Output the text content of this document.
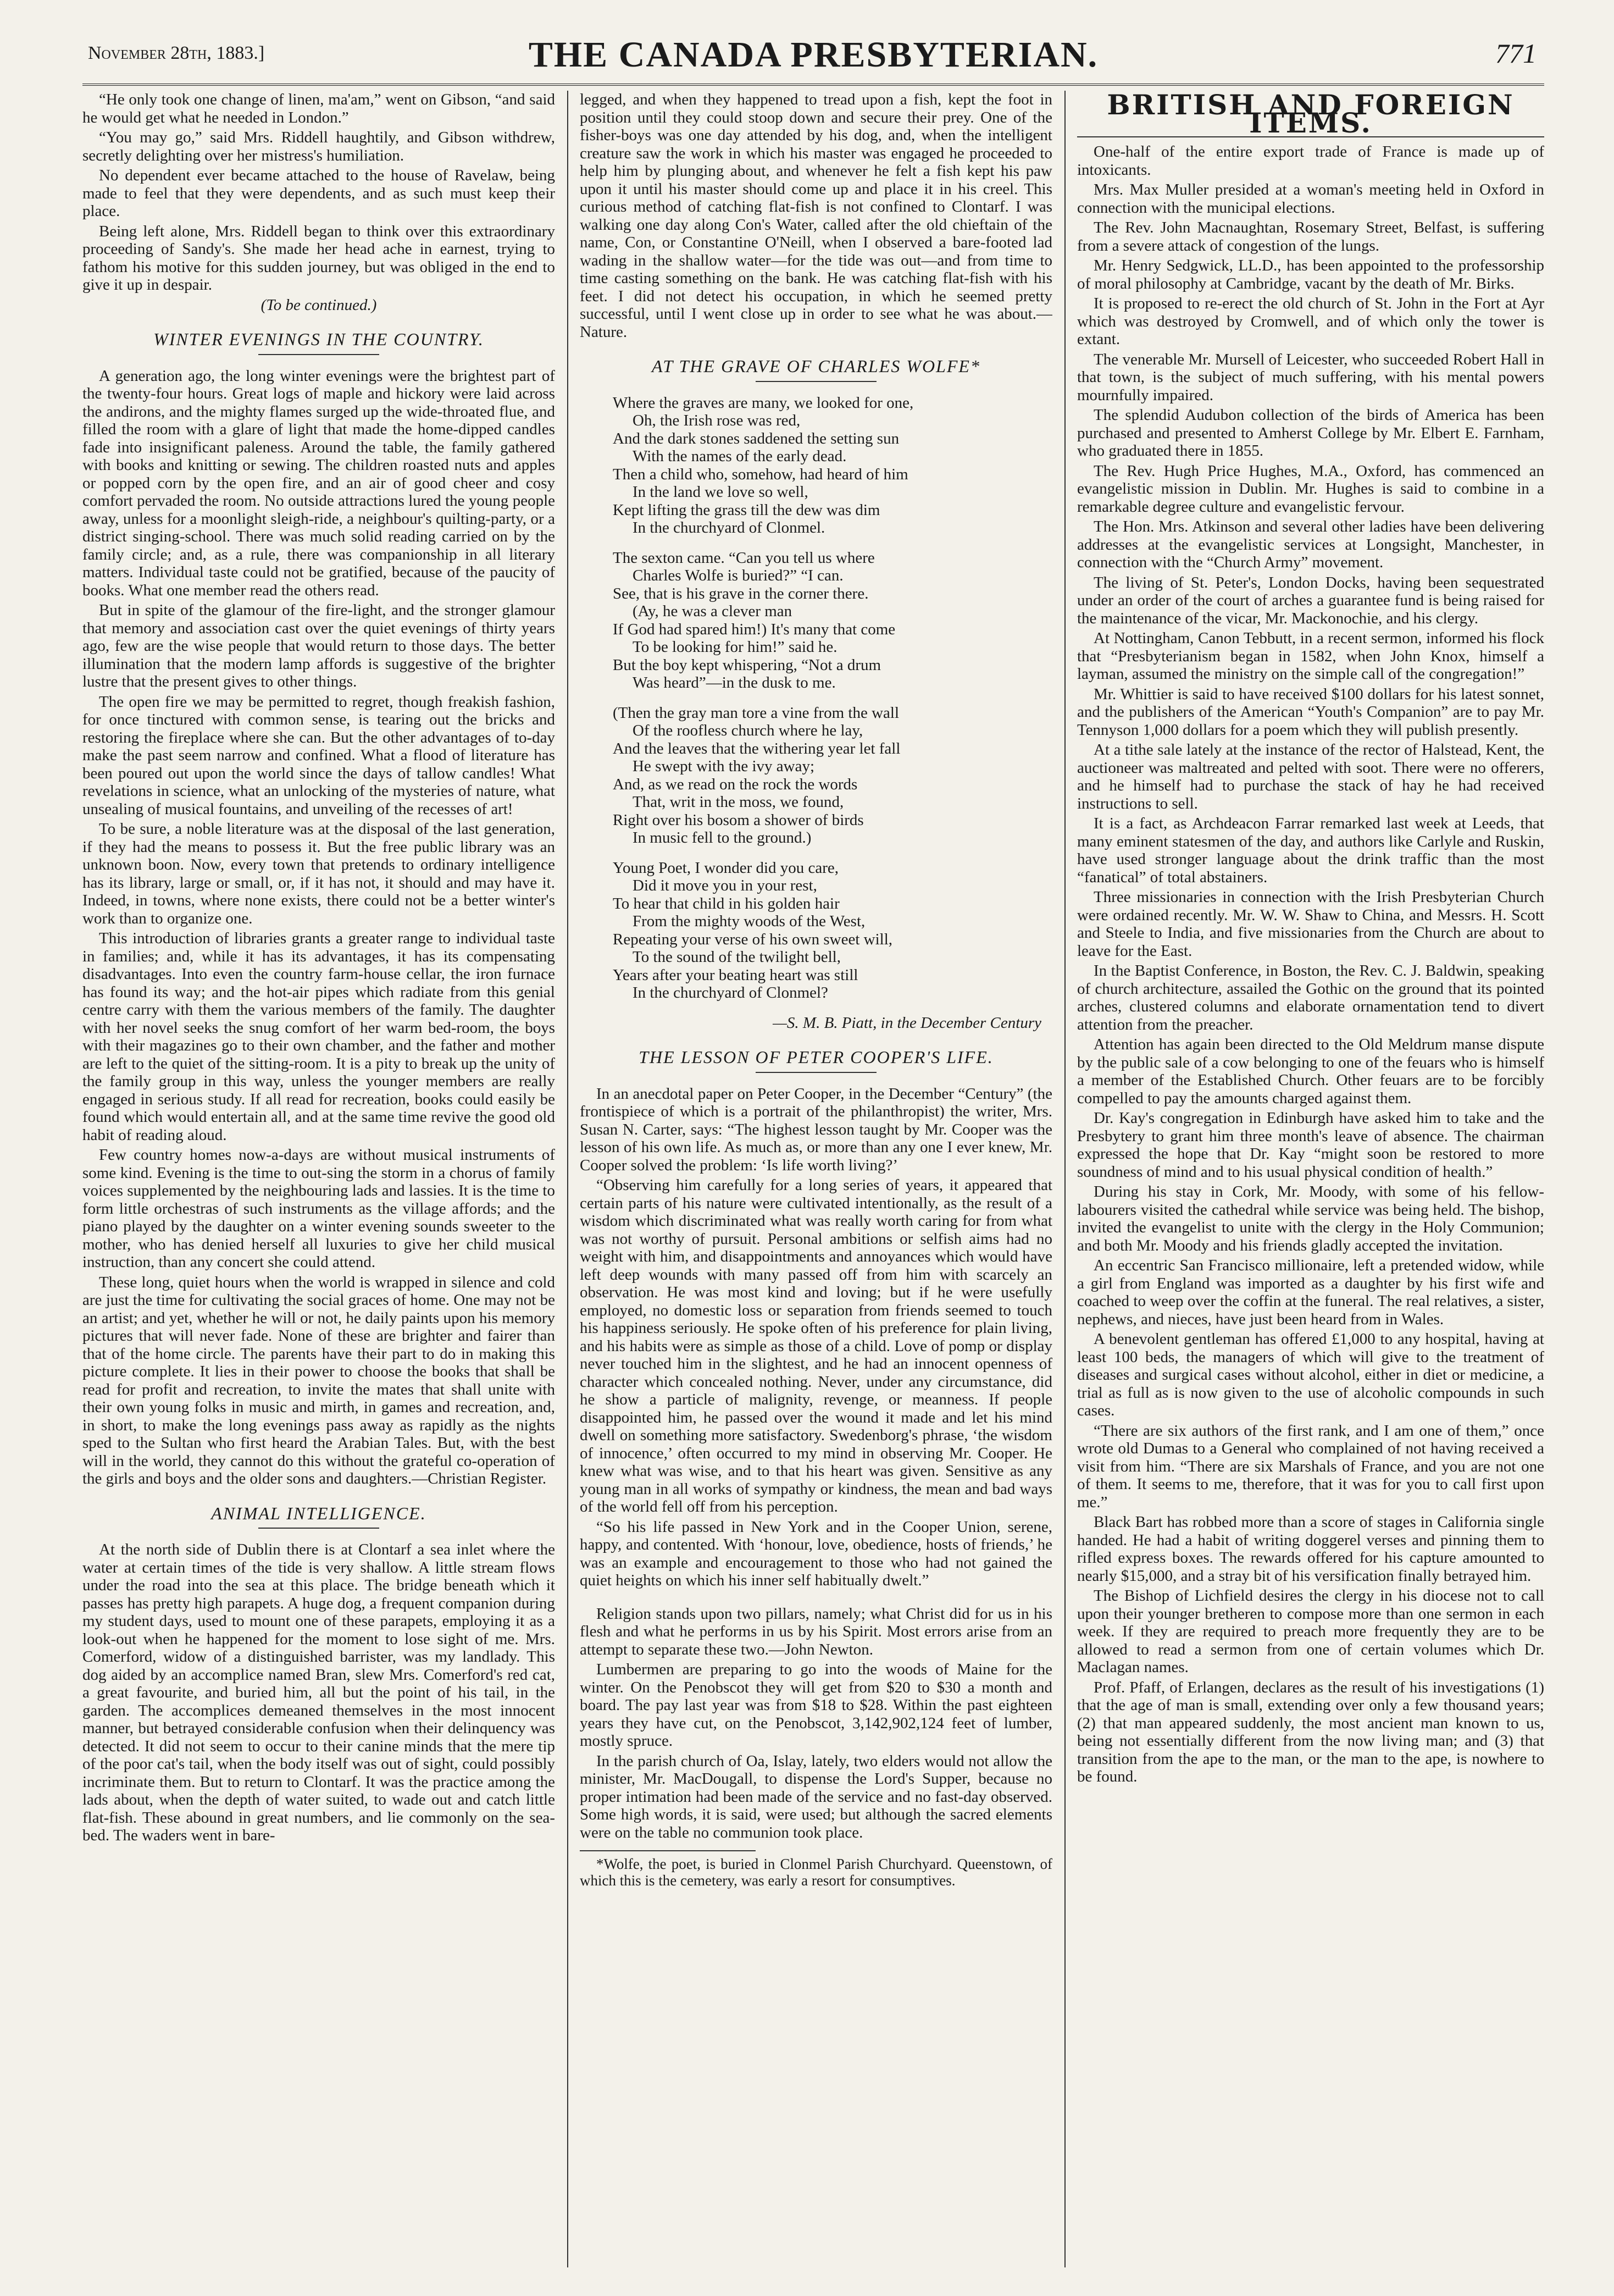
November 28th, 1883.]	THE CANADA PRESBYTERIAN.	771

“He only took one change of linen, ma'am,” went on Gibson, “and said he would get what he needed in London.”

“You may go,” said Mrs. Riddell haughtily, and Gibson withdrew, secretly delighting over her mistress's humiliation.

No dependent ever became attached to the house of Ravelaw, being made to feel that they were dependents, and as such must keep their place.

Being left alone, Mrs. Riddell began to think over this extraordinary proceeding of Sandy's. She made her head ache in earnest, trying to fathom his motive for this sudden journey, but was obliged in the end to give it up in despair.

(To be continued.)
WINTER EVENINGS IN THE COUNTRY.

A generation ago, the long winter evenings were the brightest part of the twenty-four hours. Great logs of maple and hickory were laid across the andirons, and the mighty flames surged up the wide-throated flue, and filled the room with a glare of light that made the home-dipped candles fade into insignificant paleness. Around the table, the family gathered with books and knitting or sewing. The children roasted nuts and apples or popped corn by the open fire, and an air of good cheer and cosy comfort pervaded the room. No outside attractions lured the young people away, unless for a moonlight sleigh-ride, a neighbour's quilting-party, or a district singing-school. There was much solid reading carried on by the family circle; and, as a rule, there was companionship in all literary matters. Individual taste could not be gratified, because of the paucity of books. What one member read the others read.

But in spite of the glamour of the fire-light, and the stronger glamour that memory and association cast over the quiet evenings of thirty years ago, few are the wise people that would return to those days. The better illumination that the modern lamp affords is suggestive of the brighter lustre that the present gives to other things.

The open fire we may be permitted to regret, though freakish fashion, for once tinctured with common sense, is tearing out the bricks and restoring the fireplace where she can. But the other advantages of to-day make the past seem narrow and confined. What a flood of literature has been poured out upon the world since the days of tallow candles! What revelations in science, what an unlocking of the mysteries of nature, what unsealing of musical fountains, and unveiling of the recesses of art!

To be sure, a noble literature was at the disposal of the last generation, if they had the means to possess it. But the free public library was an unknown boon. Now, every town that pretends to ordinary intelligence has its library, large or small, or, if it has not, it should and may have it. Indeed, in towns, where none exists, there could not be a better winter's work than to organize one.

This introduction of libraries grants a greater range to individual taste in families; and, while it has its advantages, it has its compensating disadvantages. Into even the country farm-house cellar, the iron furnace has found its way; and the hot-air pipes which radiate from this genial centre carry with them the various members of the family. The daughter with her novel seeks the snug comfort of her warm bed-room, the boys with their magazines go to their own chamber, and the father and mother are left to the quiet of the sitting-room. It is a pity to break up the unity of the family group in this way, unless the younger members are really engaged in serious study. If all read for recreation, books could easily be found which would entertain all, and at the same time revive the good old habit of reading aloud.

Few country homes now-a-days are without musical instruments of some kind. Evening is the time to out-sing the storm in a chorus of family voices supplemented by the neighbouring lads and lassies. It is the time to form little orchestras of such instruments as the village affords; and the piano played by the daughter on a winter evening sounds sweeter to the mother, who has denied herself all luxuries to give her child musical instruction, than any concert she could attend.

These long, quiet hours when the world is wrapped in silence and cold are just the time for cultivating the social graces of home. One may not be an artist; and yet, whether he will or not, he daily paints upon his memory pictures that will never fade. None of these are brighter and fairer than that of the home circle. The parents have their part to do in making this picture complete. It lies in their power to choose the books that shall be read for profit and recreation, to invite the mates that shall unite with their own young folks in music and mirth, in games and recreation, and, in short, to make the long evenings pass away as rapidly as the nights sped to the Sultan who first heard the Arabian Tales. But, with the best will in the world, they cannot do this without the grateful co-operation of the girls and boys and the older sons and daughters.—Christian Register.

ANIMAL INTELLIGENCE.

At the north side of Dublin there is at Clontarf a sea inlet where the water at certain times of the tide is very shallow. A little stream flows under the road into the sea at this place. The bridge beneath which it passes has pretty high parapets. A huge dog, a frequent companion during my student days, used to mount one of these parapets, employing it as a look-out when he happened for the moment to lose sight of me. Mrs. Comerford, widow of a distinguished barrister, was my landlady. This dog aided by an accomplice named Bran, slew Mrs. Comerford's red cat, a great favourite, and buried him, all but the point of his tail, in the garden. The accomplices demeaned themselves in the most innocent manner, but betrayed considerable confusion when their delinquency was detected. It did not seem to occur to their canine minds that the mere tip of the poor cat's tail, when the body itself was out of sight, could possibly incriminate them. But to return to Clontarf. It was the practice among the lads about, when the depth of water suited, to wade out and catch little flat-fish. These abound in great numbers, and lie commonly on the sea-bed. The waders went in bare-

legged, and when they happened to tread upon a fish, kept the foot in position until they could stoop down and secure their prey. One of the fisher-boys was one day attended by his dog, and, when the intelligent creature saw the work in which his master was engaged he proceeded to help him by plunging about, and whenever he felt a fish kept his paw upon it until his master should come up and place it in his creel. This curious method of catching flat-fish is not confined to Clontarf. I was walking one day along Con's Water, called after the old chieftain of the name, Con, or Constantine O'Neill, when I observed a bare-footed lad wading in the shallow water—for the tide was out—and from time to time casting something on the bank. He was catching flat-fish with his feet. I did not detect his occupation, in which he seemed pretty successful, until I went close up in order to see what he was about.—Nature.

AT THE GRAVE OF CHARLES WOLFE*
Where the graves are many, we looked for one,
Oh, the Irish rose was red,
And the dark stones saddened the setting sun
With the names of the early dead.
Then a child who, somehow, had heard of him
In the land we love so well,
Kept lifting the grass till the dew was dim
In the churchyard of Clonmel.
The sexton came. “Can you tell us where
Charles Wolfe is buried?” “I can.
See, that is his grave in the corner there.
(Ay, he was a clever man
If God had spared him!) It's many that come
To be looking for him!” said he.
But the boy kept whispering, “Not a drum
Was heard”—in the dusk to me.
(Then the gray man tore a vine from the wall
Of the roofless church where he lay,
And the leaves that the withering year let fall
He swept with the ivy away;
And, as we read on the rock the words
That, writ in the moss, we found,
Right over his bosom a shower of birds
In music fell to the ground.)
Young Poet, I wonder did you care,
Did it move you in your rest,
To hear that child in his golden hair
From the mighty woods of the West,
Repeating your verse of his own sweet will,
To the sound of the twilight bell,
Years after your beating heart was still
In the churchyard of Clonmel?
—S. M. B. Piatt, in the December Century
THE LESSON OF PETER COOPER'S LIFE.

In an anecdotal paper on Peter Cooper, in the December “Century” (the frontispiece of which is a portrait of the philanthropist) the writer, Mrs. Susan N. Carter, says: “The highest lesson taught by Mr. Cooper was the lesson of his own life. As much as, or more than any one I ever knew, Mr. Cooper solved the problem: ‘Is life worth living?’

“Observing him carefully for a long series of years, it appeared that certain parts of his nature were cultivated intentionally, as the result of a wisdom which discriminated what was really worth caring for from what was not worthy of pursuit. Personal ambitions or selfish aims had no weight with him, and disappointments and annoyances which would have left deep wounds with many passed off from him with scarcely an observation. He was most kind and loving; but if he were usefully employed, no domestic loss or separation from friends seemed to touch his happiness seriously. He spoke often of his preference for plain living, and his habits were as simple as those of a child. Love of pomp or display never touched him in the slightest, and he had an innocent openness of character which concealed nothing. Never, under any circumstance, did he show a particle of malignity, revenge, or meanness. If people disappointed him, he passed over the wound it made and let his mind dwell on something more satisfactory. Swedenborg's phrase, ‘the wisdom of innocence,’ often occurred to my mind in observing Mr. Cooper. He knew what was wise, and to that his heart was given. Sensitive as any young man in all works of sympathy or kindness, the mean and bad ways of the world fell off from his perception.

“So his life passed in New York and in the Cooper Union, serene, happy, and contented. With ‘honour, love, obedience, hosts of friends,’ he was an example and encouragement to those who had not gained the quiet heights on which his inner self habitually dwelt.”

Religion stands upon two pillars, namely; what Christ did for us in his flesh and what he performs in us by his Spirit. Most errors arise from an attempt to separate these two.—John Newton.

Lumbermen are preparing to go into the woods of Maine for the winter. On the Penobscot they will get from $20 to $30 a month and board. The pay last year was from $18 to $28. Within the past eighteen years they have cut, on the Penobscot, 3,142,902,124 feet of lumber, mostly spruce.

In the parish church of Oa, Islay, lately, two elders would not allow the minister, Mr. MacDougall, to dispense the Lord's Supper, because no proper intimation had been made of the service and no fast-day observed. Some high words, it is said, were used; but although the sacred elements were on the table no communion took place.

*Wolfe, the poet, is buried in Clonmel Parish Churchyard. Queenstown, of which this is the cemetery, was early a resort for consumptives.

BRITISH AND FOREIGN ITEMS.

One-half of the entire export trade of France is made up of intoxicants.

Mrs. Max Muller presided at a woman's meeting held in Oxford in connection with the municipal elections.

The Rev. John Macnaughtan, Rosemary Street, Belfast, is suffering from a severe attack of congestion of the lungs.

Mr. Henry Sedgwick, LL.D., has been appointed to the professorship of moral philosophy at Cambridge, vacant by the death of Mr. Birks.

It is proposed to re-erect the old church of St. John in the Fort at Ayr which was destroyed by Cromwell, and of which only the tower is extant.

The venerable Mr. Mursell of Leicester, who succeeded Robert Hall in that town, is the subject of much suffering, with his mental powers mournfully impaired.

The splendid Audubon collection of the birds of America has been purchased and presented to Amherst College by Mr. Elbert E. Farnham, who graduated there in 1855.

The Rev. Hugh Price Hughes, M.A., Oxford, has commenced an evangelistic mission in Dublin. Mr. Hughes is said to combine in a remarkable degree culture and evangelistic fervour.

The Hon. Mrs. Atkinson and several other ladies have been delivering addresses at the evangelistic services at Longsight, Manchester, in connection with the “Church Army” movement.

The living of St. Peter's, London Docks, having been sequestrated under an order of the court of arches a guarantee fund is being raised for the maintenance of the vicar, Mr. Mackonochie, and his clergy.

At Nottingham, Canon Tebbutt, in a recent sermon, informed his flock that “Presbyterianism began in 1582, when John Knox, himself a layman, assumed the ministry on the simple call of the congregation!”

Mr. Whittier is said to have received $100 dollars for his latest sonnet, and the publishers of the American “Youth's Companion” are to pay Mr. Tennyson 1,000 dollars for a poem which they will publish presently.

At a tithe sale lately at the instance of the rector of Halstead, Kent, the auctioneer was maltreated and pelted with soot. There were no offerers, and he himself had to purchase the stack of hay he had received instructions to sell.

It is a fact, as Archdeacon Farrar remarked last week at Leeds, that many eminent statesmen of the day, and authors like Carlyle and Ruskin, have used stronger language about the drink traffic than the most “fanatical” of total abstainers.

Three missionaries in connection with the Irish Presbyterian Church were ordained recently. Mr. W. W. Shaw to China, and Messrs. H. Scott and Steele to India, and five missionaries from the Church are about to leave for the East.

In the Baptist Conference, in Boston, the Rev. C. J. Baldwin, speaking of church architecture, assailed the Gothic on the ground that its pointed arches, clustered columns and elaborate ornamentation tend to divert attention from the preacher.

Attention has again been directed to the Old Meldrum manse dispute by the public sale of a cow belonging to one of the feuars who is himself a member of the Established Church. Other feuars are to be forcibly compelled to pay the amounts charged against them.

Dr. Kay's congregation in Edinburgh have asked him to take and the Presbytery to grant him three month's leave of absence. The chairman expressed the hope that Dr. Kay “might soon be restored to more soundness of mind and to his usual physical condition of health.”

During his stay in Cork, Mr. Moody, with some of his fellow-labourers visited the cathedral while service was being held. The bishop, invited the evangelist to unite with the clergy in the Holy Communion; and both Mr. Moody and his friends gladly accepted the invitation.

An eccentric San Francisco millionaire, left a pretended widow, while a girl from England was imported as a daughter by his first wife and coached to weep over the coffin at the funeral. The real relatives, a sister, nephews, and nieces, have just been heard from in Wales.

A benevolent gentleman has offered £1,000 to any hospital, having at least 100 beds, the managers of which will give to the treatment of diseases and surgical cases without alcohol, either in diet or medicine, a trial as full as is now given to the use of alcoholic compounds in such cases.

“There are six authors of the first rank, and I am one of them,” once wrote old Dumas to a General who complained of not having received a visit from him. “There are six Marshals of France, and you are not one of them. It seems to me, therefore, that it was for you to call first upon me.”

Black Bart has robbed more than a score of stages in California single handed. He had a habit of writing doggerel verses and pinning them to rifled express boxes. The rewards offered for his capture amounted to nearly $15,000, and a stray bit of his versification finally betrayed him.

The Bishop of Lichfield desires the clergy in his diocese not to call upon their younger bretheren to compose more than one sermon in each week. If they are required to preach more frequently they are to be allowed to read a sermon from one of certain volumes which Dr. Maclagan names.

Prof. Pfaff, of Erlangen, declares as the result of his investigations (1) that the age of man is small, extending over only a few thousand years; (2) that man appeared suddenly, the most ancient man known to us, being not essentially different from the now living man; and (3) that transition from the ape to the man, or the man to the ape, is nowhere to be found.
